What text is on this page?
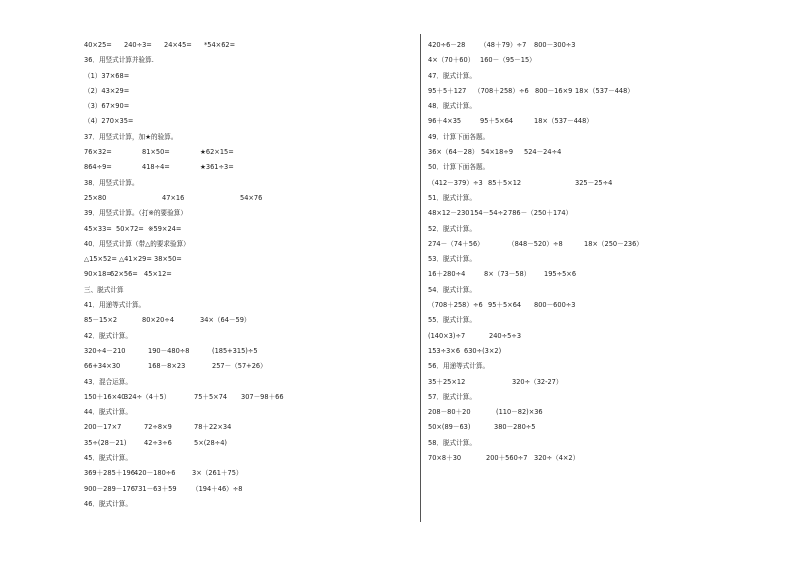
40×25= 240÷3= 24×45= *54×62=
36．用竖式计算并验算.
（1）37×68=
（2）43×29=
（3）67×90=
（4）270×35=
37．用竖式计算，加★的验算。
76×32=	81×50=	★62×15=
864÷9=	418÷4=	★361÷3=
38．用竖式计算。
25×80	47×16	54×76
39．用竖式计算。（打※的要验算）
45×33= 50×72= ※59×24=
40．用竖式计算（带△的要求验算）
△15×52= △41×29= 38×50=
90×18=
62×56= 45×12=
三、脱式计算
41．用递等式计算。
85－15×2	80×20÷4	34×（64－59）
42．脱式计算。
320÷4－210	190－480÷8	(185+315)÷5
66+34×30	168－8×23	257－（57+26）
43．混合运算。
150＋16×40
324÷（4＋5）	75＋5×74 307－98＋66
44．脱式计算。
200－17×7	72÷8×9	78＋22×34
35÷(28－21)	42÷3÷6	5×(28÷4)
45．脱式计算。
369＋285＋196 420－180÷6	3×（261＋75）
900－289－176 731－63＋59 （194＋46）÷8
46．脱式计算。
420÷6－28 （48＋79）÷7 800－300÷3
4×（70＋60） 160－（95－15）
47．脱式计算。
95＋5＋127 （708＋258）÷6 800－16×9 18×（537－448）
48．脱式计算。
96＋4×35	95＋5×64	18×（537－448）
49．计算下面各题。
36×（64－28） 54×18÷9 524－24÷4
50．计算下面各题。
（412－379）÷3 85＋5×12	325－25÷4
51．脱式计算。
48×12－230 154－54÷2 786－（250＋174）
52．脱式计算。
274－（74＋56）	（848－520）÷8	18×（250－236）
53．脱式计算。
16＋280÷4	8×（73－58） 195÷5×6
54．脱式计算。
（708＋258）÷6 95＋5×64 800－600÷3
55．脱式计算。
(140×3)÷7	240÷5÷3
153÷3×6 630÷(3×2)
56．用递等式计算。
35＋25×12	320÷（32-27）
57．脱式计算。
208－80＋20	(110－82)×36
50×(89－63)	380－280÷5
58．脱式计算。
70×8＋30	200＋560÷7 320÷（4×2）
